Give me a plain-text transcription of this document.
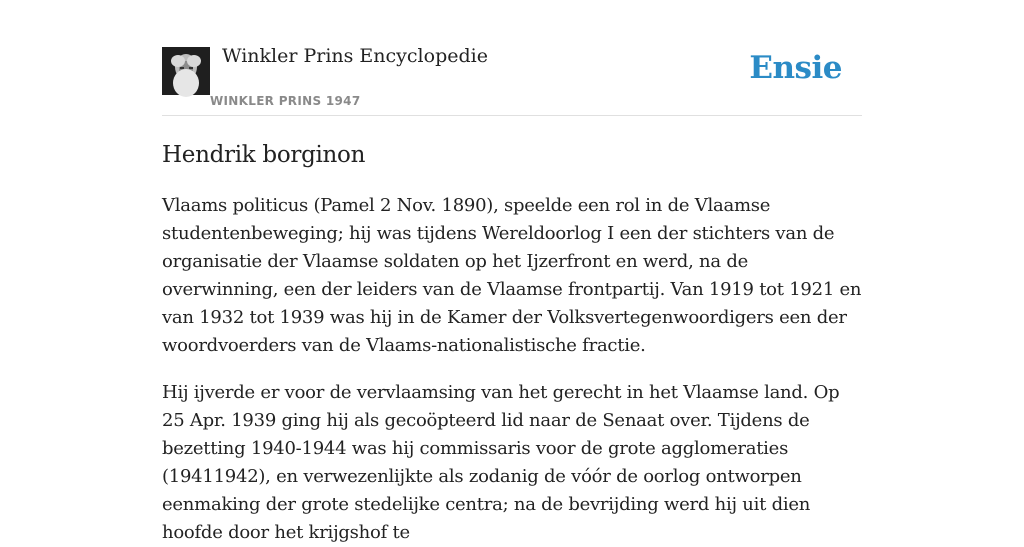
Winkler Prins Encyclopedie
WINKLER PRINS 1947
Ensie
Hendrik borginon

Vlaams politicus (Pamel 2 Nov. 1890), speelde een rol in de Vlaamse studentenbeweging; hij was tijdens Wereldoorlog I een der stichters van de organisatie der Vlaamse soldaten op het Ijzerfront en werd, na de overwinning, een der leiders van de Vlaamse frontpartij. Van 1919 tot 1921 en van 1932 tot 1939 was hij in de Kamer der Volksvertegenwoordigers een der woordvoerders van de Vlaams-nationalistische fractie.

Hij ijverde er voor de vervlaamsing van het gerecht in het Vlaamse land. Op 25 Apr. 1939 ging hij als gecoöpteerd lid naar de Senaat over. Tijdens de bezetting 1940-1944 was hij commissaris voor de grote agglomeraties (19411942), en verwezenlijkte als zodanig de vóór de oorlog ontworpen eenmaking der grote stedelijke centra; na de bevrijding werd hij uit dien hoofde door het krijgshof te
